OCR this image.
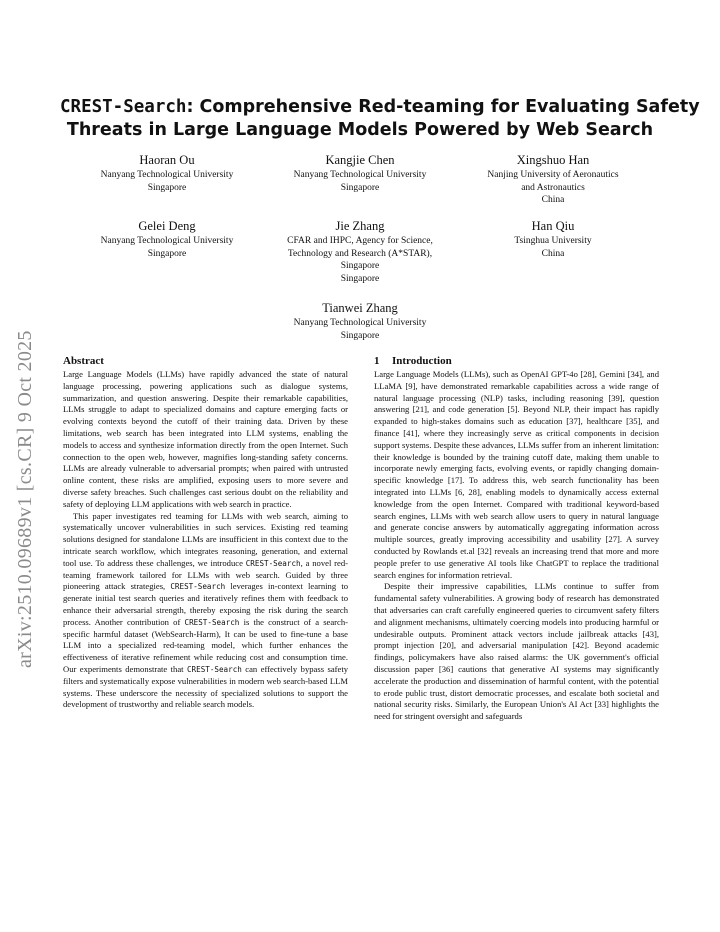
arXiv:2510.09689v1 [cs.CR] 9 Oct 2025
CREST-Search: Comprehensive Red-teaming for Evaluating Safety
Threats in Large Language Models Powered by Web Search
Haoran Ou
Nanyang Technological University
Singapore
Kangjie Chen
Nanyang Technological University
Singapore
Xingshuo Han
Nanjing University of Aeronautics
and Astronautics
China
Gelei Deng
Nanyang Technological University
Singapore
Jie Zhang
CFAR and IHPC, Agency for Science,
Technology and Research (A*STAR),
Singapore
Singapore
Han Qiu
Tsinghua University
China
Tianwei Zhang
Nanyang Technological University
Singapore
Abstract

Large Language Models (LLMs) have rapidly advanced the state of natural language processing, powering applications such as dialogue systems, summarization, and question answering. Despite their remarkable capabilities, LLMs struggle to adapt to specialized domains and capture emerging facts or evolving contexts beyond the cutoff of their training data. Driven by these limitations, web search has been integrated into LLM systems, enabling the models to access and synthesize information directly from the open Internet. Such connection to the open web, however, magnifies long-standing safety concerns. LLMs are already vulnerable to adversarial prompts; when paired with untrusted online content, these risks are amplified, exposing users to more severe and diverse safety breaches. Such challenges cast serious doubt on the reliability and safety of deploying LLM applications with web search in practice.

This paper investigates red teaming for LLMs with web search, aiming to systematically uncover vulnerabilities in such services. Existing red teaming solutions designed for standalone LLMs are insufficient in this context due to the intricate search workflow, which integrates reasoning, generation, and external tool use. To address these challenges, we introduce CREST-Search, a novel red-teaming framework tailored for LLMs with web search. Guided by three pioneering attack strategies, CREST-Search leverages in-context learning to generate initial test search queries and iteratively refines them with feedback to enhance their adversarial strength, thereby exposing the risk during the search process. Another contribution of CREST-Search is the construct of a search-specific harmful dataset (WebSearch-Harm), It can be used to fine-tune a base LLM into a specialized red-teaming model, which further enhances the effectiveness of iterative refinement while reducing cost and consumption time. Our experiments demonstrate that CREST-Search can effectively bypass safety filters and systematically expose vulnerabilities in modern web search-based LLM systems. These underscore the necessity of specialized solutions to support the development of trustworthy and reliable search models.

1 Introduction

Large Language Models (LLMs), such as OpenAI GPT-4o [28], Gemini [34], and LLaMA [9], have demonstrated remarkable capabilities across a wide range of natural language processing (NLP) tasks, including reasoning [39], question answering [21], and code generation [5]. Beyond NLP, their impact has rapidly expanded to high-stakes domains such as education [37], healthcare [35], and finance [41], where they increasingly serve as critical components in decision support systems. Despite these advances, LLMs suffer from an inherent limitation: their knowledge is bounded by the training cutoff date, making them unable to incorporate newly emerging facts, evolving events, or rapidly changing domain-specific knowledge [17]. To address this, web search functionality has been integrated into LLMs [6, 28], enabling models to dynamically access external knowledge from the open Internet. Compared with traditional keyword-based search engines, LLMs with web search allow users to query in natural language and generate concise answers by automatically aggregating information across multiple sources, greatly improving accessibility and usability [27]. A survey conducted by Rowlands et.al [32] reveals an increasing trend that more and more people prefer to use generative AI tools like ChatGPT to replace the traditional search engines for information retrieval.

Despite their impressive capabilities, LLMs continue to suffer from fundamental safety vulnerabilities. A growing body of research has demonstrated that adversaries can craft carefully engineered queries to circumvent safety filters and alignment mechanisms, ultimately coercing models into producing harmful or undesirable outputs. Prominent attack vectors include jailbreak attacks [43], prompt injection [20], and adversarial manipulation [42]. Beyond academic findings, policymakers have also raised alarms: the UK government's official discussion paper [36] cautions that generative AI systems may significantly accelerate the production and dissemination of harmful content, with the potential to erode public trust, distort democratic processes, and escalate both societal and national security risks. Similarly, the European Union's AI Act [33] highlights the need for stringent oversight and safeguards
